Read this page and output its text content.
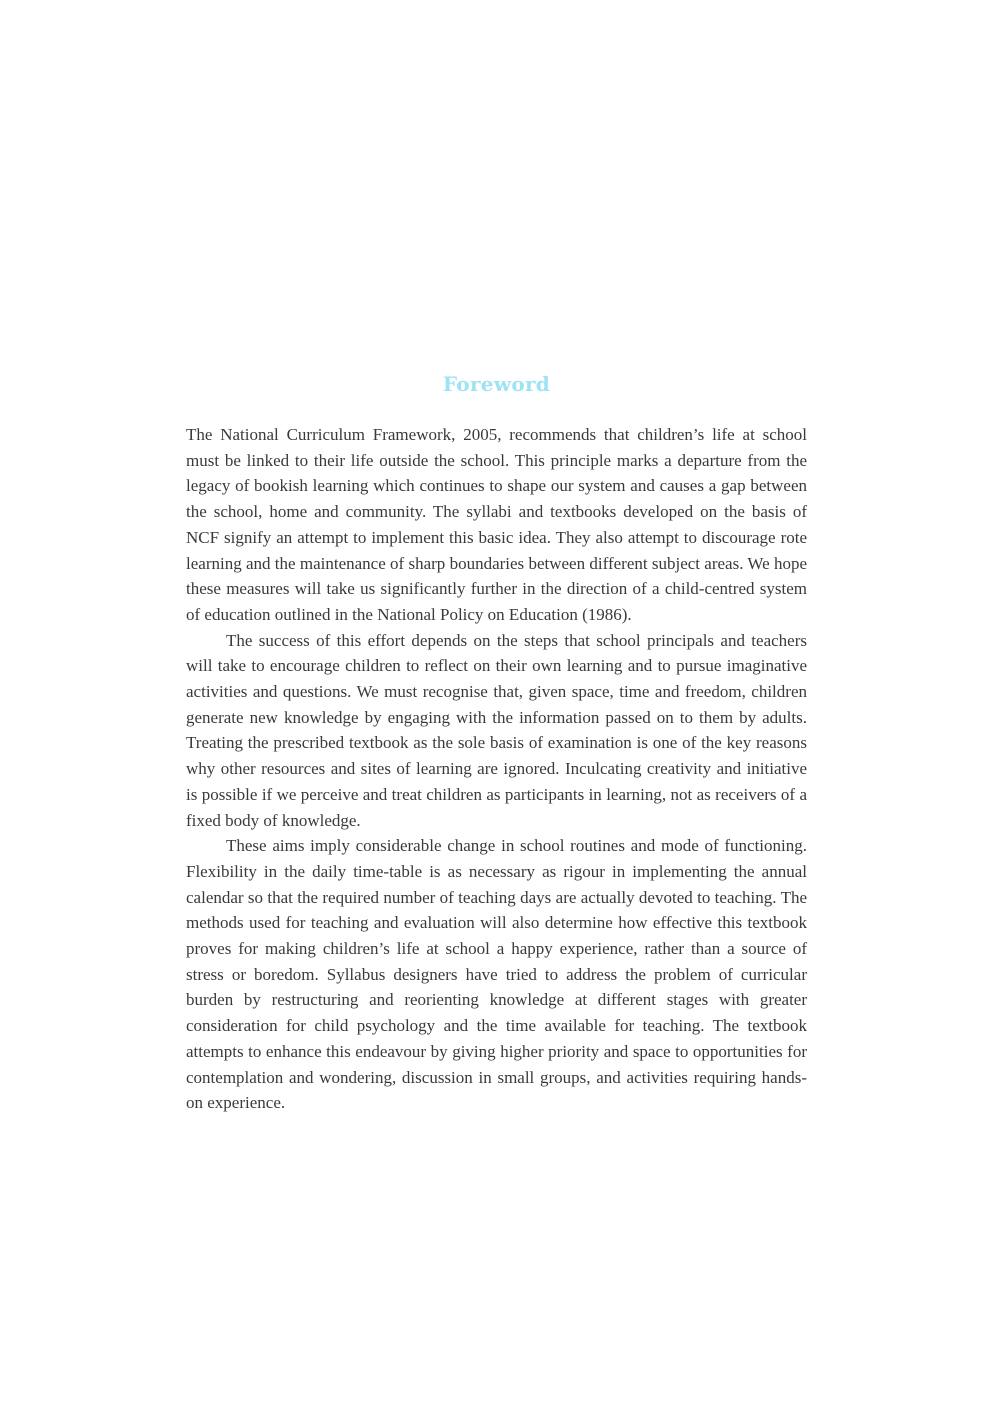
Foreword

The National Curriculum Framework, 2005, recommends that children’s life at school must be linked to their life outside the school. This principle marks a departure from the legacy of bookish learning which continues to shape our system and causes a gap between the school, home and community. The syllabi and textbooks developed on the basis of NCF signify an attempt to implement this basic idea. They also attempt to discourage rote learning and the maintenance of sharp boundaries between different subject areas. We hope these measures will take us significantly further in the direction of a child-centred system of education outlined in the National Policy on Education (1986).

The success of this effort depends on the steps that school principals and teachers will take to encourage children to reflect on their own learning and to pursue imaginative activities and questions. We must recognise that, given space, time and freedom, children generate new knowledge by engaging with the information passed on to them by adults. Treating the prescribed textbook as the sole basis of examination is one of the key reasons why other resources and sites of learning are ignored. Inculcating creativity and initiative is possible if we perceive and treat children as participants in learning, not as receivers of a fixed body of knowledge.

These aims imply considerable change in school routines and mode of functioning. Flexibility in the daily time-table is as necessary as rigour in implementing the annual calendar so that the required number of teaching days are actually devoted to teaching. The methods used for teaching and evaluation will also determine how effective this textbook proves for making children’s life at school a happy experience, rather than a source of stress or boredom. Syllabus designers have tried to address the problem of curricular burden by restructuring and reorienting knowledge at different stages with greater consideration for child psychology and the time available for teaching. The textbook attempts to enhance this endeavour by giving higher priority and space to opportunities for contemplation and wondering, discussion in small groups, and activities requiring hands-on experience.
